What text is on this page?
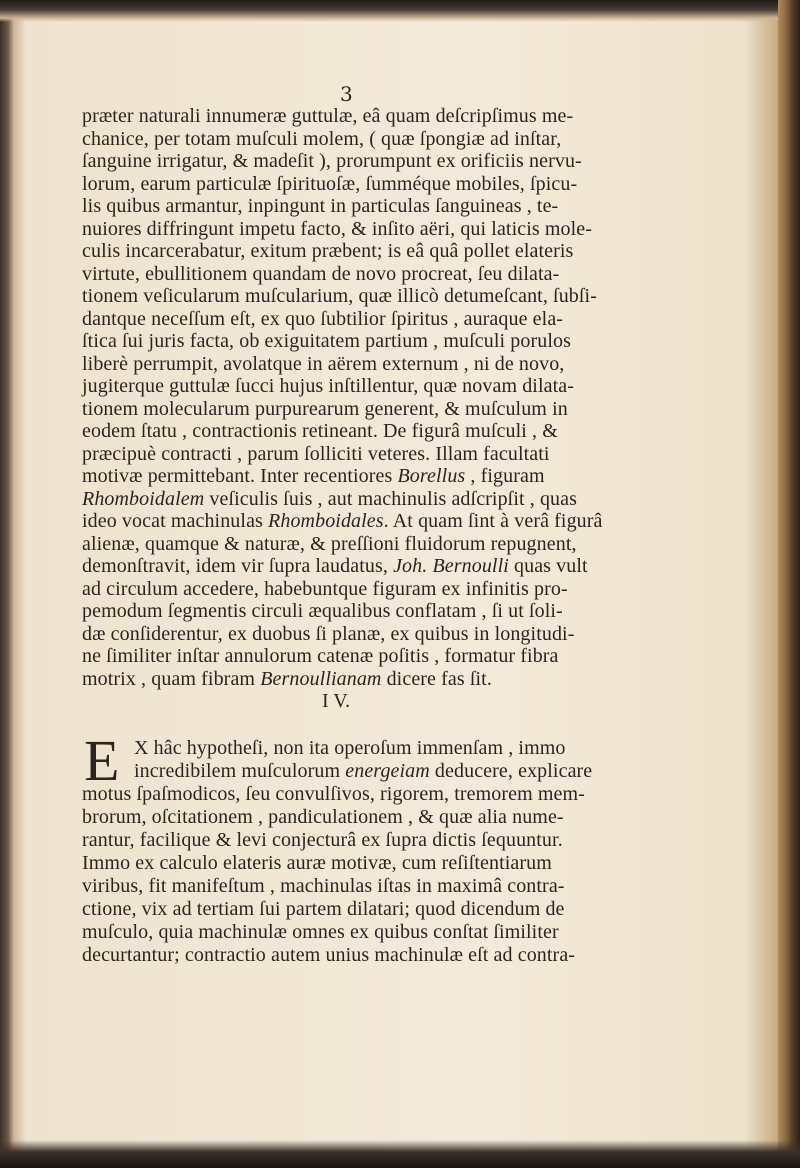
3
præter naturali innumeræ guttulæ, eâ quam deſcripſimus me-
chanice, per totam muſculi molem, ( quæ ſpongiæ ad inſtar,
ſanguine irrigatur, & madeſit ), prorumpunt ex orificiis nervu-
lorum, earum particulæ ſpirituoſæ, ſumméque mobiles, ſpicu-
lis quibus armantur, inpingunt in particulas ſanguineas , te-
nuiores diffringunt impetu facto, & inſito aëri, qui laticis mole-
culis incarcerabatur, exitum præbent; is eâ quâ pollet elateris
virtute, ebullitionem quandam de novo procreat, ſeu dilata-
tionem veſicularum muſcularium, quæ illicò detumeſcant, ſubſi-
dantque neceſſum eſt, ex quo ſubtilior ſpiritus , auraque ela-
ſtica ſui juris facta, ob exiguitatem partium , muſculi porulos
liberè perrumpit, avolatque in aërem externum , ni de novo,
jugiterque guttulæ ſucci hujus inſtillentur, quæ novam dilata-
tionem molecularum purpurearum generent, & muſculum in
eodem ſtatu , contractionis retineant. De figurâ muſculi , &
præcipuè contracti , parum ſolliciti veteres. Illam facultati
motivæ permittebant. Inter recentiores Borellus , figuram
Rhomboidalem veſiculis ſuis , aut machinulis adſcripſit , quas
ideo vocat machinulas Rhomboidales. At quam ſint à verâ figurâ
alienæ, quamque & naturæ, & preſſioni fluidorum repugnent,
demonſtravit, idem vir ſupra laudatus, Joh. Bernoulli quas vult
ad circulum accedere, habebuntque figuram ex infinitis pro-
pemodum ſegmentis circuli æqualibus conflatam , ſi ut ſoli-
dæ conſiderentur, ex duobus ſi planæ, ex quibus in longitudi-
ne ſimiliter inſtar annulorum catenæ poſitis , formatur fibra
motrix , quam fibram Bernoullianam dicere fas ſit.
I V.
E X hâc hypotheſi, non ita operoſum immenſam , immo
incredibilem muſculorum energeiam deducere, explicare
motus ſpaſmodicos, ſeu convulſivos, rigorem, tremorem mem-
brorum, oſcitationem , pandiculationem , & quæ alia nume-
rantur, facilique & levi conjecturâ ex ſupra dictis ſequuntur.
Immo ex calculo elateris auræ motivæ, cum reſiſtentiarum
viribus, fit manifeſtum , machinulas iſtas in maximâ contra-
ctione, vix ad tertiam ſui partem dilatari; quod dicendum de
muſculo, quia machinulæ omnes ex quibus conſtat ſimiliter
decurtantur; contractio autem unius machinulæ eſt ad contra-
